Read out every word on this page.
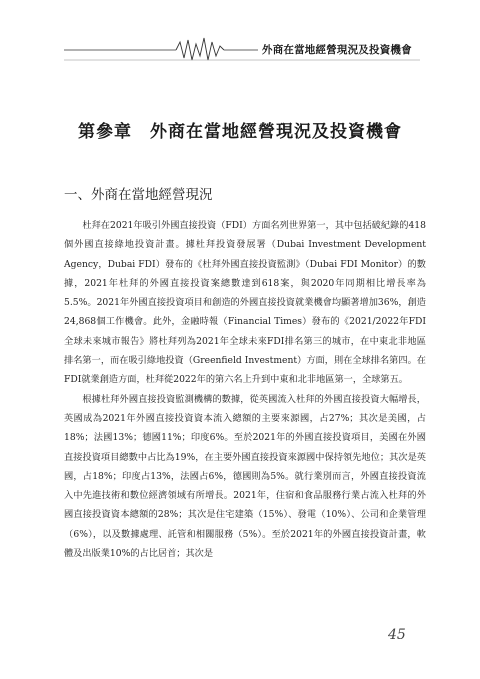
外商在當地經營現況及投資機會
第參章　外商在當地經營現況及投資機會
一、外商在當地經營現況

杜拜在2021年吸引外國直接投資（FDI）方面名列世界第一，其中包括破紀錄的418個外國直接綠地投資計畫。據杜拜投資發展署（Dubai Investment Development Agency，Dubai FDI）發布的《杜拜外國直接投資監測》（Dubai FDI Monitor）的數據，2021年杜拜的外國直接投資案總數達到618案，與2020年同期相比增長率為5.5%。2021年外國直接投資項目和創造的外國直接投資就業機會均顯著增加36%，創造24,868個工作機會。此外，金融時報（Financial Times）發布的《2021/2022年FDI全球未來城市報告》將杜拜列為2021年全球未來FDI排名第三的城市，在中東北非地區排名第一，而在吸引綠地投資（Greenfield Investment）方面，則在全球排名第四。在FDI就業創造方面，杜拜從2022年的第六名上升到中東和北非地區第一，全球第五。

根據杜拜外國直接投資監測機構的數據，從英國流入杜拜的外國直接投資大幅增長，英國成為2021年外國直接投資資本流入總額的主要來源國，占27%；其次是美國，占18%；法國13%；德國11%；印度6%。至於2021年的外國直接投資項目，美國在外國直接投資項目總數中占比為19%，在主要外國直接投資來源國中保持領先地位；其次是英國，占18%；印度占13%，法國占6%，德國則為5%。就行業別而言，外國直接投資流入中先進技術和數位經濟領域有所增長。2021年，住宿和食品服務行業占流入杜拜的外國直接投資資本總額的28%；其次是住宅建築（15%）、發電（10%）、公司和企業管理（6%），以及數據處理、託管和相關服務（5%）。至於2021年的外國直接投資計畫，軟體及出版業10%的占比居首；其次是

45
